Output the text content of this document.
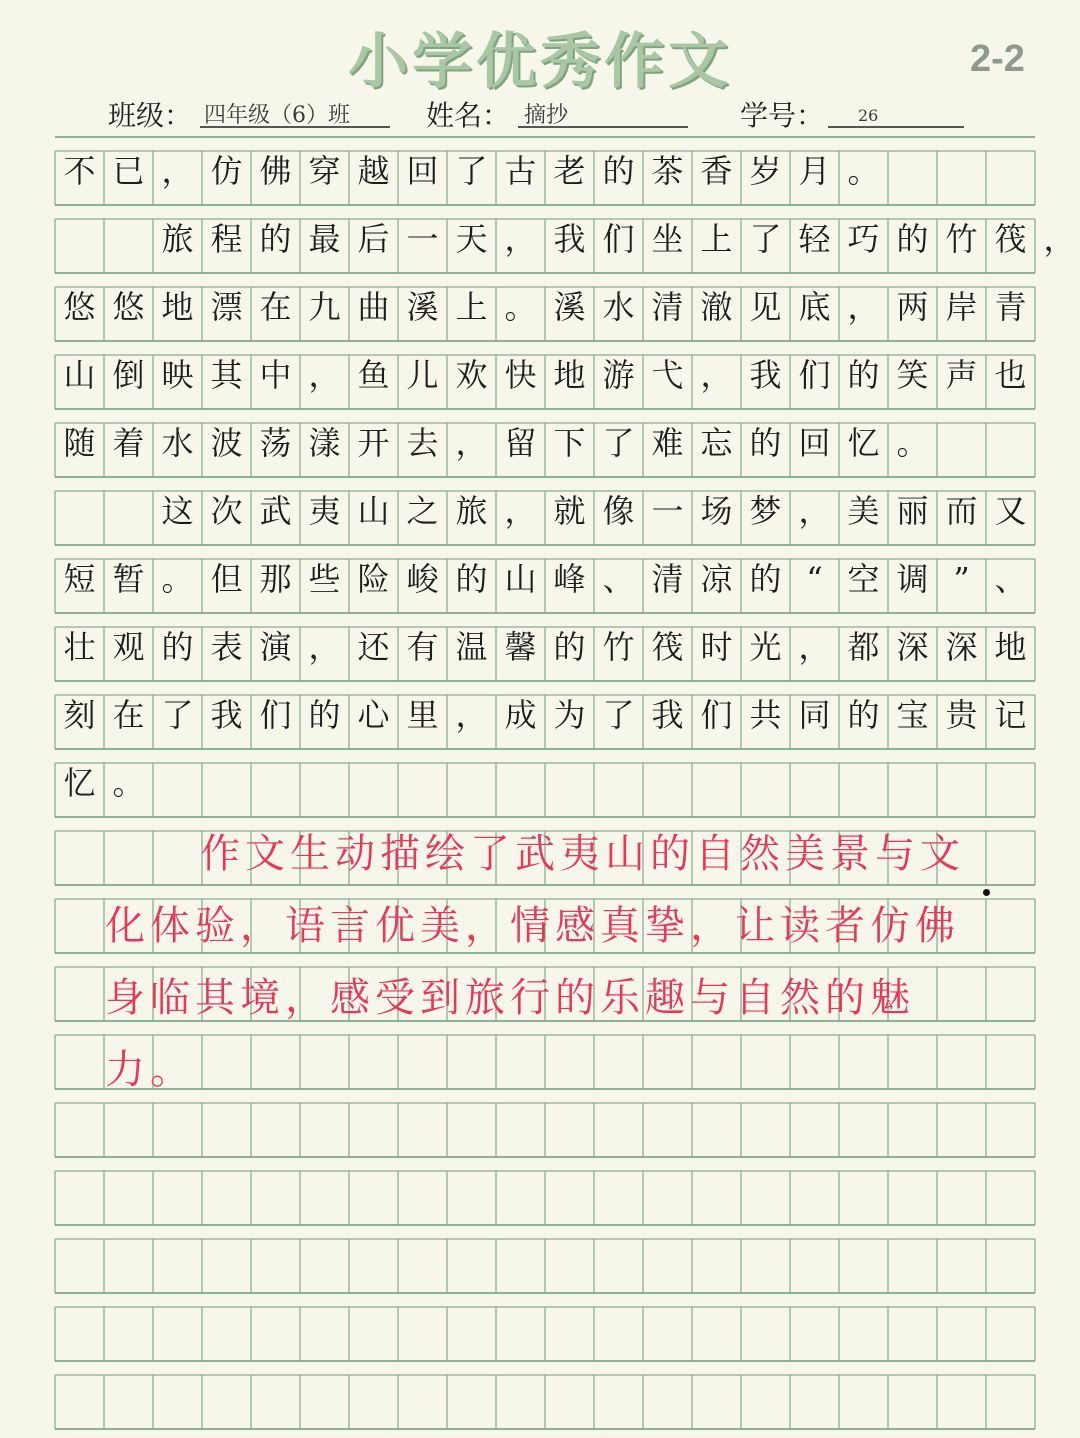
小学优秀作文	2-2
班级： 四年级（6）班	姓名： 摘抄	学号： 26
不 已 ， 仿 佛 穿 越 回 了 古 老 的 茶 香 岁 月 。
旅 程 的 最 后 一 天 ， 我 们 坐 上 了 轻 巧 的 竹 筏 ，
悠 悠 地 漂 在 九 曲 溪 上 。 溪 水 清 澈 见 底 ， 两 岸 青
山 倒 映 其 中 ， 鱼 儿 欢 快 地 游 弋 ， 我 们 的 笑 声 也
随 着 水 波 荡 漾 开 去 ， 留 下 了 难 忘 的 回 忆 。
这 次 武 夷 山 之 旅 ， 就 像 一 场 梦 ， 美 丽 而 又
短 暂 。 但 那 些 险 峻 的 山 峰 、 清 凉 的 “ 空 调 ” 、
壮 观 的 表 演 ， 还 有 温 馨 的 竹 筏 时 光 ， 都 深 深 地
刻 在 了 我 们 的 心 里 ， 成 为 了 我 们 共 同 的 宝 贵 记
忆 。
作文生动描绘了武夷山的自然美景与文
化体验，语言优美，情感真挚，让读者仿佛
身临其境，感受到旅行的乐趣与自然的魅
力。
